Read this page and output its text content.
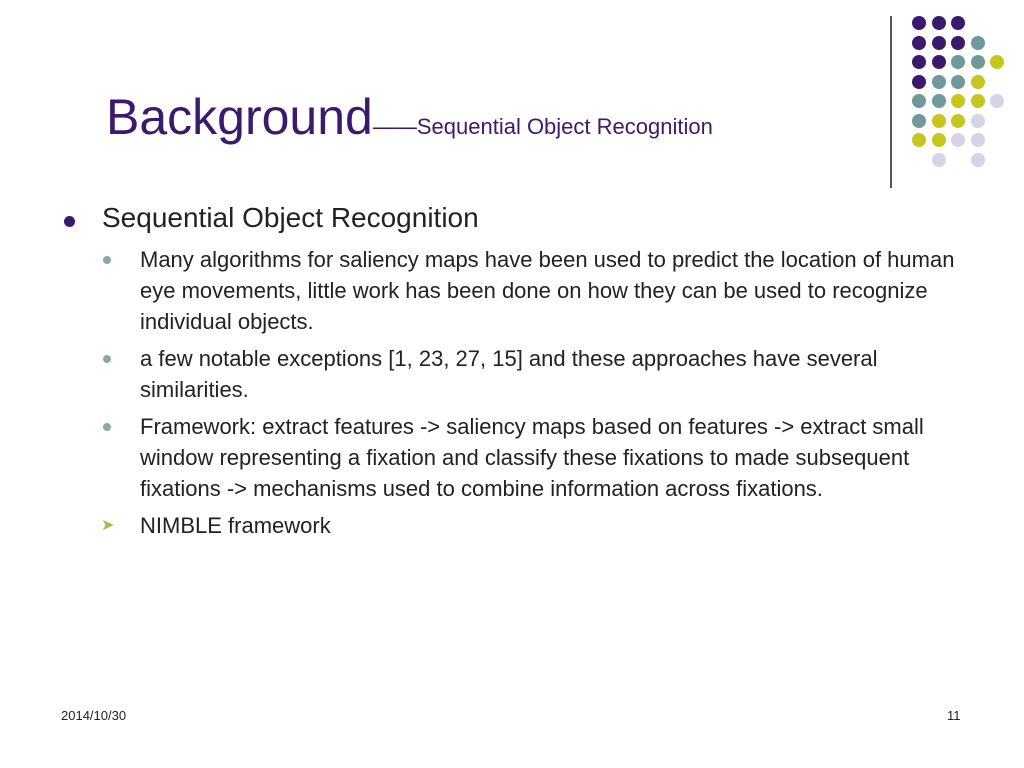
Background——Sequential Object Recognition
Sequential Object Recognition
Many algorithms for saliency maps have been used to predict the location of human eye movements, little work has been done on how they can be used to recognize individual objects.
a few notable exceptions [1, 23, 27, 15] and these approaches have several similarities.
Framework: extract features -> saliency maps based on features -> extract small window representing a fixation and classify these fixations to made subsequent fixations -> mechanisms used to combine information across fixations.
➤ NIMBLE framework
2014/10/30	11
